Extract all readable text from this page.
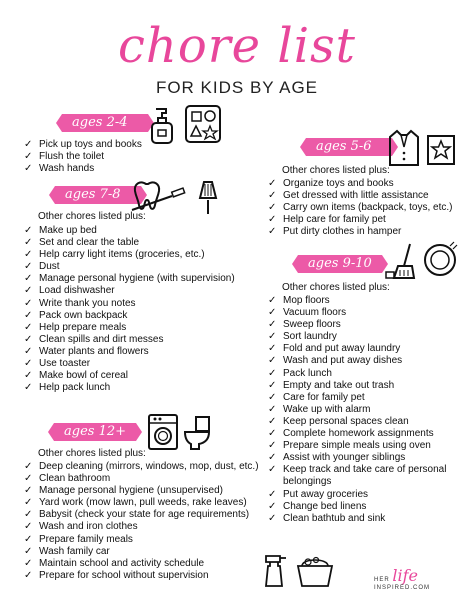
chore list
FOR KIDS BY AGE
ages 2-4
✓ Pick up toys and books
✓ Flush the toilet
✓ Wash hands
ages 7-8
Other chores listed plus:
✓ Make up bed
✓ Set and clear the table
✓ Help carry light items (groceries, etc.)
✓ Dust
✓ Manage personal hygiene (with supervision)
✓ Load dishwasher
✓ Write thank you notes
✓ Pack own backpack
✓ Help prepare meals
✓ Clean spills and dirt messes
✓ Water plants and flowers
✓ Use toaster
✓ Make bowl of cereal
✓ Help pack lunch
ages 12+
Other chores listed plus:
✓ Deep cleaning (mirrors, windows, mop, dust, etc.)
✓ Clean bathroom
✓ Manage personal hygiene (unsupervised)
✓ Yard work (mow lawn, pull weeds, rake leaves)
✓ Babysit (check your state for age requirements)
✓ Wash and iron clothes
✓ Prepare family meals
✓ Wash family car
✓ Maintain school and activity schedule
✓ Prepare for school without supervision
ages 5-6
Other chores listed plus:
✓ Organize toys and books
✓ Get dressed with little assistance
✓ Carry own items (backpack, toys, etc.)
✓ Help care for family pet
✓ Put dirty clothes in hamper
ages 9-10
Other chores listed plus:
✓ Mop floors
✓ Vacuum floors
✓ Sweep floors
✓ Sort laundry
✓ Fold and put away laundry
✓ Wash and put away dishes
✓ Pack lunch
✓ Empty and take out trash
✓ Care for family pet
✓ Wake up with alarm
✓ Keep personal spaces clean
✓ Complete homework assignments
✓ Prepare simple meals using oven
✓ Assist with younger siblings
✓ Keep track and take care of personal belongings
✓ Put away groceries
✓ Change bed linens
✓ Clean bathtub and sink
HER life INSPIRED.COM
